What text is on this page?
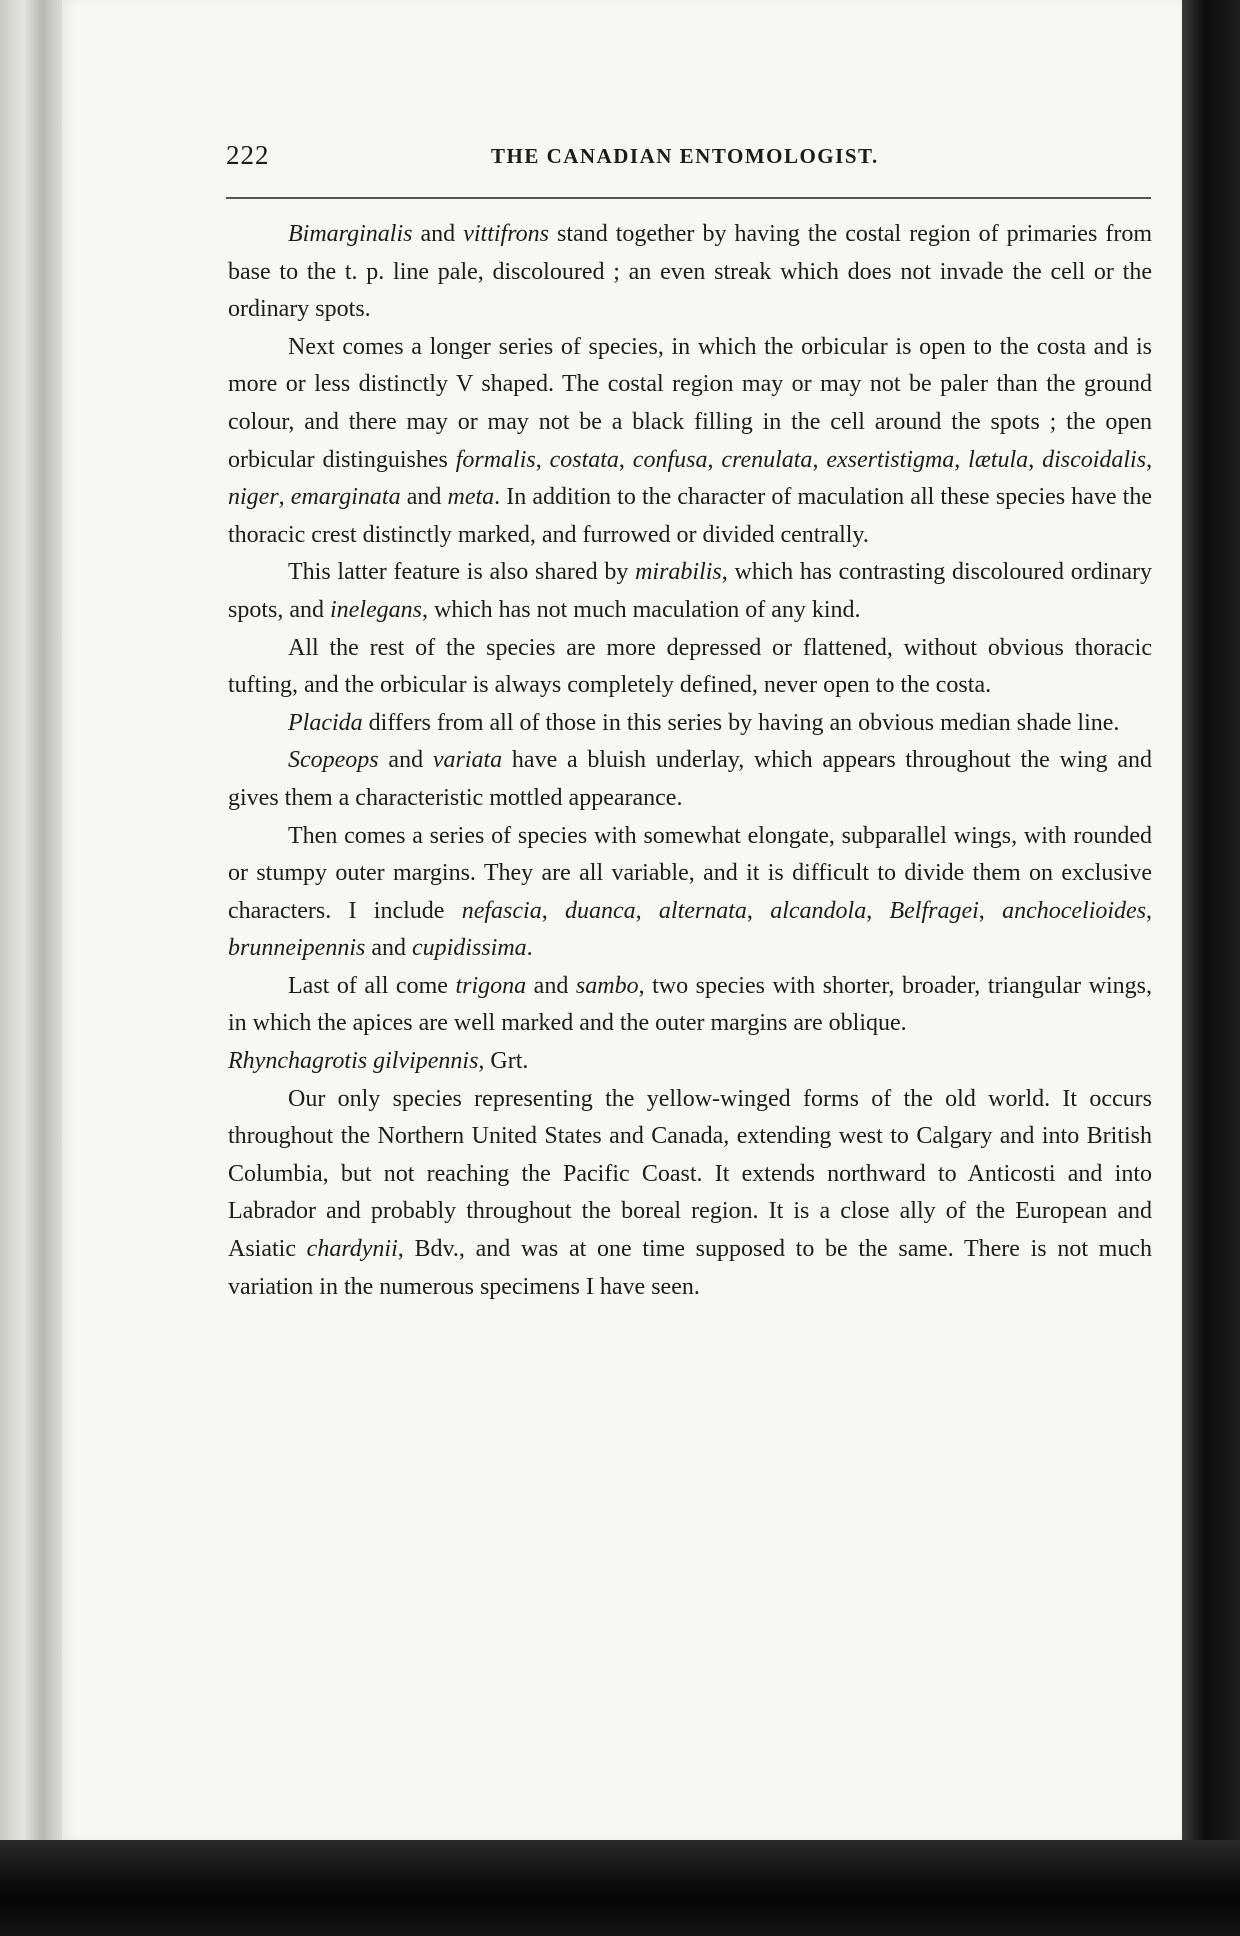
222	THE CANADIAN ENTOMOLOGIST.

Bimarginalis and vittifrons stand together by having the costal region of primaries from base to the t. p. line pale, discoloured ; an even streak which does not invade the cell or the ordinary spots.

Next comes a longer series of species, in which the orbicular is open to the costa and is more or less distinctly V shaped. The costal region may or may not be paler than the ground colour, and there may or may not be a black filling in the cell around the spots ; the open orbicular distinguishes formalis, costata, confusa, crenulata, exsertistigma, lætula, discoidalis, niger, emarginata and meta. In addition to the character of maculation all these species have the thoracic crest distinctly marked, and furrowed or divided centrally.

This latter feature is also shared by mirabilis, which has contrasting discoloured ordinary spots, and inelegans, which has not much maculation of any kind.

All the rest of the species are more depressed or flattened, without obvious thoracic tufting, and the orbicular is always completely defined, never open to the costa.

Placida differs from all of those in this series by having an obvious median shade line.

Scopeops and variata have a bluish underlay, which appears throughout the wing and gives them a characteristic mottled appearance.

Then comes a series of species with somewhat elongate, subparallel wings, with rounded or stumpy outer margins. They are all variable, and it is difficult to divide them on exclusive characters. I include nefascia, duanca, alternata, alcandola, Belfragei, anchocelioides, brunneipennis and cupidissima.

Last of all come trigona and sambo, two species with shorter, broader, triangular wings, in which the apices are well marked and the outer margins are oblique.

Rhynchagrotis gilvipennis, Grt.

Our only species representing the yellow-winged forms of the old world. It occurs throughout the Northern United States and Canada, extending west to Calgary and into British Columbia, but not reaching the Pacific Coast. It extends northward to Anticosti and into Labrador and probably throughout the boreal region. It is a close ally of the European and Asiatic chardynii, Bdv., and was at one time supposed to be the same. There is not much variation in the numerous specimens I have seen.
